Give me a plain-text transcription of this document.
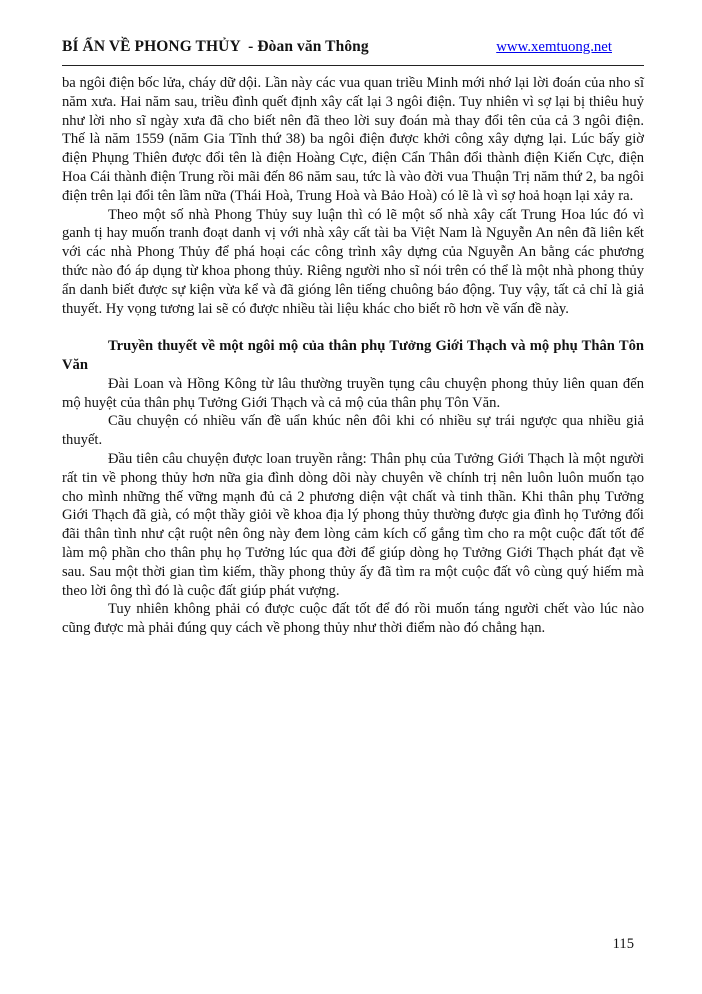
BÍ ẨN VỀ PHONG THỦY  - Đòan văn Thông	www.xemtuong.net

ba ngôi điện bốc lửa, cháy dữ dội. Lần này các vua quan triều Minh mới nhớ lại lời đoán của nho sĩ năm xưa. Hai năm sau, triều đình quết định xây cất lại 3 ngôi điện. Tuy nhiên vì sợ lại bị thiêu huỷ như lời nho sĩ ngày xưa đã cho biết nên đã theo lời suy đoán mà thay đổi tên của cả 3 ngôi điện. Thế là năm 1559 (năm Gia Tĩnh thứ 38) ba ngôi điện được khởi công xây dựng lại. Lúc bấy giờ điện Phụng Thiên được đổi tên là điện Hoàng Cực, điện Cẩn Thân đổi thành điện Kiến Cực, điện Hoa Cái thành điện Trung rồi mãi đến 86 năm sau, tức là vào đời vua Thuận Trị năm thứ 2, ba ngôi điện trên lại đổi tên lầm nữa (Thái Hoà, Trung Hoà và Bảo Hoà) có lẽ là vì sợ hoả hoạn lại xảy ra.

Theo một số nhà Phong Thủy suy luận thì có lẽ một số nhà xây cất Trung Hoa lúc đó vì ganh tị hay muốn tranh đoạt danh vị với nhà xây cất tài ba Việt Nam là Nguyễn An nên đã liên kết với các nhà Phong Thủy để phá hoại các công trình xây dựng của Nguyễn An bằng các phương thức nào đó áp dụng từ khoa phong thủy. Riêng người nho sĩ nói trên có thể là một nhà phong thủy ẩn danh biết được sự kiện vừa kể và đã gióng lên tiếng chuông báo động. Tuy vậy, tất cả chỉ là giả thuyết. Hy vọng tương lai sẽ có được nhiều tài liệu khác cho biết rõ hơn về vấn đề này.

Truyền thuyết về một ngôi mộ của thân phụ Tưởng Giới Thạch và mộ phụ Thân Tôn Văn

Đài Loan và Hồng Kông từ lâu thường truyền tụng câu chuyện phong thủy liên quan đến mộ huyệt của thân phụ Tưởng Giới Thạch và cả mộ của thân phụ Tôn Văn.

Cãu chuyện có nhiều vấn đề uẩn khúc nên đôi khi có nhiều sự trái ngược qua nhiều giả thuyết.

Đầu tiên câu chuyện được loan truyền rằng: Thân phụ của Tưởng Giới Thạch là một người rất tin về phong thủy hơn nữa gia đình dòng dõi này chuyên về chính trị nên luôn luôn muốn tạo cho mình những thế vững mạnh đủ cả 2 phương diện vật chất và tinh thần. Khi thân phụ Tưởng Giới Thạch đã già, có một thầy giỏi về khoa địa lý phong thủy thường được gia đình họ Tưởng đối đãi thân tình như cật ruột nên ông này đem lòng cảm kích cố gắng tìm cho ra một cuộc đất tốt để làm mộ phần cho thân phụ họ Tưởng lúc qua đời để giúp dòng họ Tưởng Giới Thạch phát đạt về sau. Sau một thời gian tìm kiếm, thầy phong thủy ấy đã tìm ra một cuộc đất vô cùng quý hiếm mà theo lời ông thì đó là cuộc đất giúp phát vượng.

Tuy nhiên không phải có được cuộc đất tốt để đó rồi muốn táng người chết vào lúc nào cũng được mà phải đúng quy cách về phong thủy như thời điểm nào đó chẳng hạn.

115
